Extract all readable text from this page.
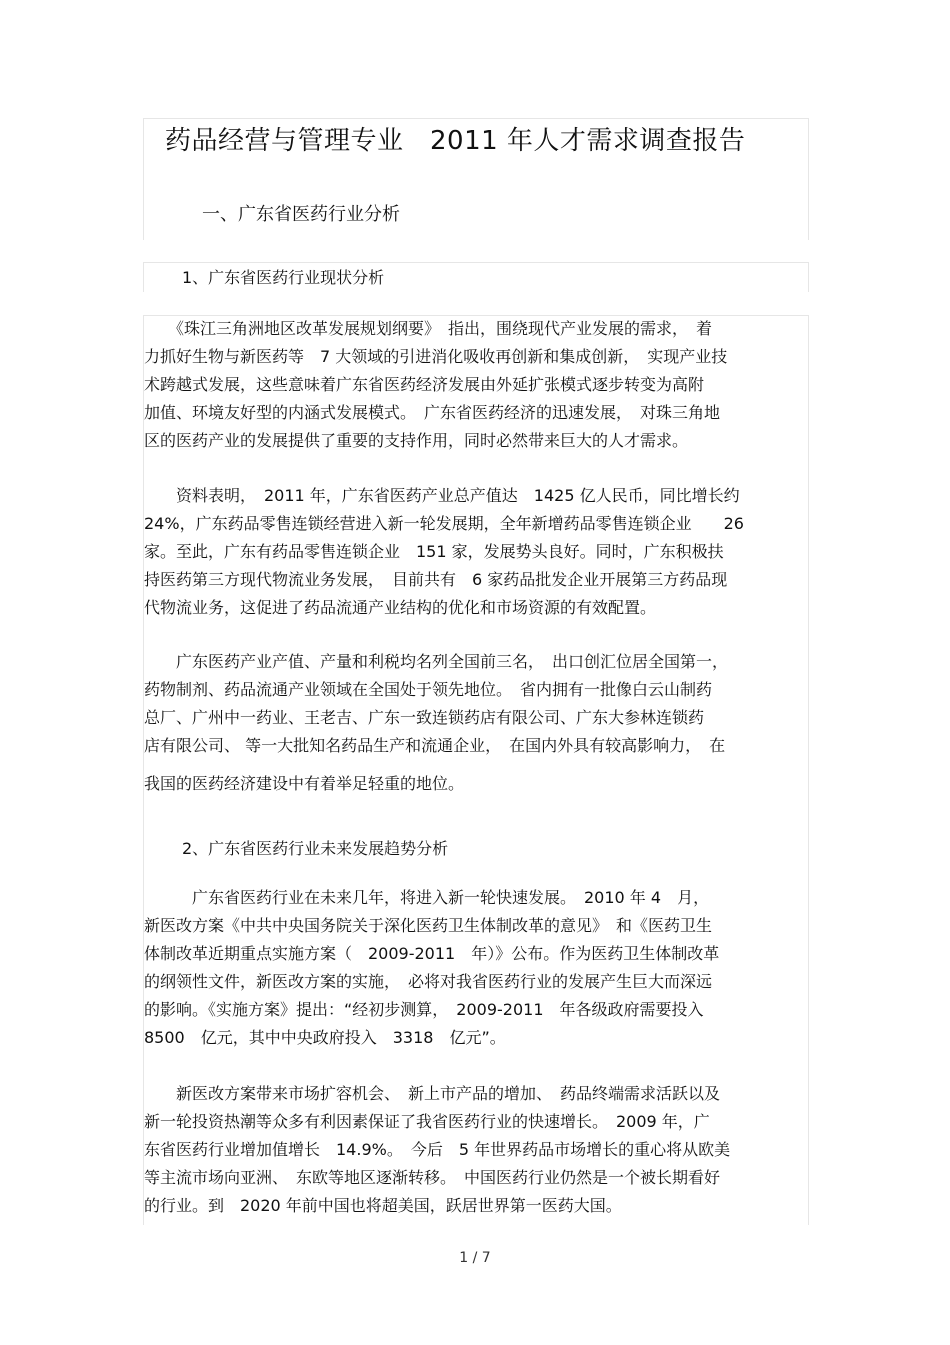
药品经营与管理专业　2011 年人才需求调查报告
一、广东省医药行业分析
1、广东省医药行业现状分析
　　《珠江三角洲地区改革发展规划纲要》　指出，围绕现代产业发展的需求，　着
力抓好生物与新医药等　7 大领域的引进消化吸收再创新和集成创新，　实现产业技
术跨越式发展，这些意味着广东省医药经济发展由外延扩张模式逐步转变为高附
加值、环境友好型的内涵式发展模式。　广东省医药经济的迅速发展，　对珠三角地
区的医药产业的发展提供了重要的支持作用，同时必然带来巨大的人才需求。
　　资料表明，　2011 年，广东省医药产业总产值达　1425 亿人民币，同比增长约
24%，广东药品零售连锁经营进入新一轮发展期，全年新增药品零售连锁企业　　26
家。至此，广东有药品零售连锁企业　151 家，发展势头良好。同时，广东积极扶
持医药第三方现代物流业务发展，　目前共有　6 家药品批发企业开展第三方药品现
代物流业务，这促进了药品流通产业结构的优化和市场资源的有效配置。
　　广东医药产业产值、产量和利税均名列全国前三名，　出口创汇位居全国第一，
药物制剂、药品流通产业领域在全国处于领先地位。　省内拥有一批像白云山制药
总厂、广州中一药业、王老吉、广东一致连锁药店有限公司、广东大参林连锁药
店有限公司、 等一大批知名药品生产和流通企业，　在国内外具有较高影响力，　在
我国的医药经济建设中有着举足轻重的地位。
2、广东省医药行业未来发展趋势分析
　　　广东省医药行业在未来几年，将进入新一轮快速发展。　2010 年 4　月，
新医改方案《中共中央国务院关于深化医药卫生体制改革的意见》　和《医药卫生
体制改革近期重点实施方案（　2009-2011　年）》公布。作为医药卫生体制改革
的纲领性文件，新医改方案的实施，　必将对我省医药行业的发展产生巨大而深远
的影响。《实施方案》提出：“经初步测算，　2009-2011　年各级政府需要投入
8500　亿元，其中中央政府投入　3318　亿元”。
　　新医改方案带来市场扩容机会、　新上市产品的增加、　药品终端需求活跃以及
新一轮投资热潮等众多有利因素保证了我省医药行业的快速增长。　2009 年，广
东省医药行业增加值增长　14.9%。　今后　5 年世界药品市场增长的重心将从欧美
等主流市场向亚洲、　东欧等地区逐渐转移。　中国医药行业仍然是一个被长期看好
的行业。到　2020 年前中国也将超美国，跃居世界第一医药大国。
1 / 7
